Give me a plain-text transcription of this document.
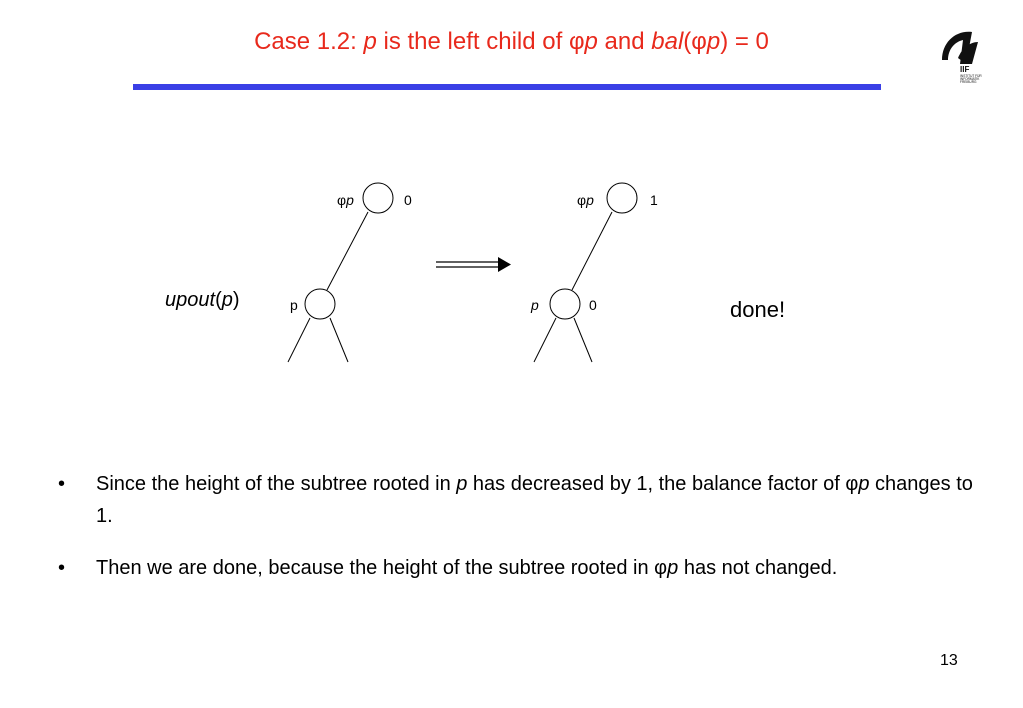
Case 1.2: p is the left child of φp and bal(φp) = 0
IIF
INSTITUT FÜR
INFORMATIK
FREIBURG
φp	0
p
φp	1
p	0
upout(p)	done!
• Since the height of the subtree rooted in p has decreased by 1, the balance factor of φp changes to 1.
• Then we are done, because the height of the subtree rooted in φp has not changed.
13
